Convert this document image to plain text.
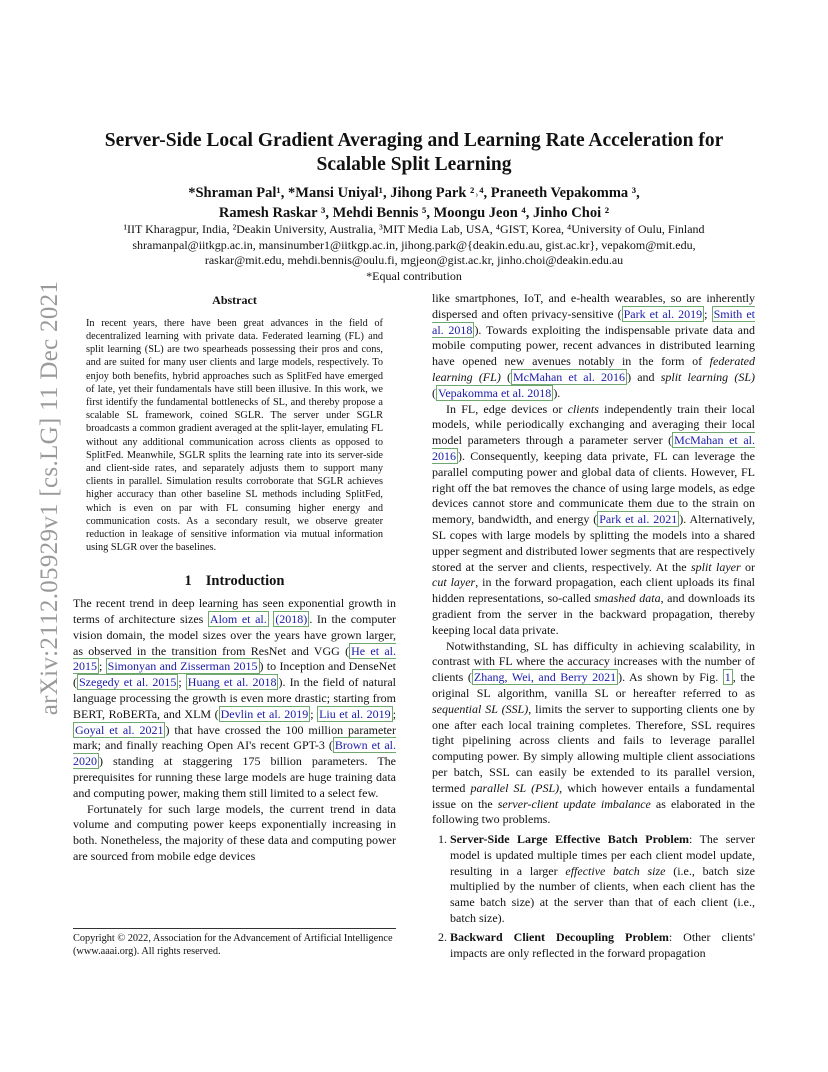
arXiv:2112.05929v1 [cs.LG] 11 Dec 2021
Server-Side Local Gradient Averaging and Learning Rate Acceleration for
Scalable Split Learning
*Shraman Pal¹, *Mansi Uniyal¹, Jihong Park ²˒⁴, Praneeth Vepakomma ³,
Ramesh Raskar ³, Mehdi Bennis ⁵, Moongu Jeon ⁴, Jinho Choi ²
¹IIT Kharagpur, India, ²Deakin University, Australia, ³MIT Media Lab, USA, ⁴GIST, Korea, ⁴University of Oulu, Finland
shramanpal@iitkgp.ac.in, mansinumber1@iitkgp.ac.in, jihong.park@{deakin.edu.au, gist.ac.kr}, vepakom@mit.edu,
raskar@mit.edu, mehdi.bennis@oulu.fi, mgjeon@gist.ac.kr, jinho.choi@deakin.edu.au
*Equal contribution
Abstract
In recent years, there have been great advances in the field of decentralized learning with private data. Federated learning (FL) and split learning (SL) are two spearheads possessing their pros and cons, and are suited for many user clients and large models, respectively. To enjoy both benefits, hybrid approaches such as SplitFed have emerged of late, yet their fundamentals have still been illusive. In this work, we first identify the fundamental bottlenecks of SL, and thereby propose a scalable SL framework, coined SGLR. The server under SGLR broadcasts a common gradient averaged at the split-layer, emulating FL without any additional communication across clients as opposed to SplitFed. Meanwhile, SGLR splits the learning rate into its server-side and client-side rates, and separately adjusts them to support many clients in parallel. Simulation results corroborate that SGLR achieves higher accuracy than other baseline SL methods including SplitFed, which is even on par with FL consuming higher energy and communication costs. As a secondary result, we observe greater reduction in leakage of sensitive information via mutual information using SLGR over the baselines.
1 Introduction

The recent trend in deep learning has seen exponential growth in terms of architecture sizes Alom et al. (2018) . In the computer vision domain, the model sizes over the years have grown larger, as observed in the transition from ResNet and VGG ( He et al. 2015 ; Simonyan and Zisserman 2015 ) to Inception and DenseNet ( Szegedy et al. 2015 ; Huang et al. 2018 ). In the field of natural language processing the growth is even more drastic; starting from BERT, RoBERTa, and XLM ( Devlin et al. 2019 ; Liu et al. 2019 ; Goyal et al. 2021 ) that have crossed the 100 million parameter mark; and finally reaching Open AI's recent GPT-3 ( Brown et al. 2020 ) standing at staggering 175 billion parameters. The prerequisites for running these large models are huge training data and computing power, making them still limited to a select few.

Fortunately for such large models, the current trend in data volume and computing power keeps exponentially increasing in both. Nonetheless, the majority of these data and computing power are sourced from mobile edge devices

Copyright © 2022, Association for the Advancement of Artificial Intelligence (www.aaai.org). All rights reserved.

like smartphones, IoT, and e-health wearables, so are inherently dispersed and often privacy-sensitive ( Park et al. 2019 ; Smith et al. 2018 ). Towards exploiting the indispensable private data and mobile computing power, recent advances in distributed learning have opened new avenues notably in the form of federated learning (FL) ( McMahan et al. 2016 ) and split learning (SL) ( Vepakomma et al. 2018 ).

In FL, edge devices or clients independently train their local models, while periodically exchanging and averaging their local model parameters through a parameter server ( McMahan et al. 2016 ). Consequently, keeping data private, FL can leverage the parallel computing power and global data of clients. However, FL right off the bat removes the chance of using large models, as edge devices cannot store and communicate them due to the strain on memory, bandwidth, and energy ( Park et al. 2021 ). Alternatively, SL copes with large models by splitting the models into a shared upper segment and distributed lower segments that are respectively stored at the server and clients, respectively. At the split layer or cut layer, in the forward propagation, each client uploads its final hidden representations, so-called smashed data, and downloads its gradient from the server in the backward propagation, thereby keeping local data private.

Notwithstanding, SL has difficulty in achieving scalability, in contrast with FL where the accuracy increases with the number of clients ( Zhang, Wei, and Berry 2021 ). As shown by Fig. 1 , the original SL algorithm, vanilla SL or hereafter referred to as sequential SL (SSL), limits the server to supporting clients one by one after each local training completes. Therefore, SSL requires tight pipelining across clients and fails to leverage parallel computing power. By simply allowing multiple client associations per batch, SSL can easily be extended to its parallel version, termed parallel SL (PSL), which however entails a fundamental issue on the server-client update imbalance as elaborated in the following two problems.

1. Server-Side Large Effective Batch Problem: The server model is updated multiple times per each client model update, resulting in a larger effective batch size (i.e., batch size multiplied by the number of clients, when each client has the same batch size) at the server than that of each client (i.e., batch size).
2. Backward Client Decoupling Problem: Other clients' impacts are only reflected in the forward propagation
